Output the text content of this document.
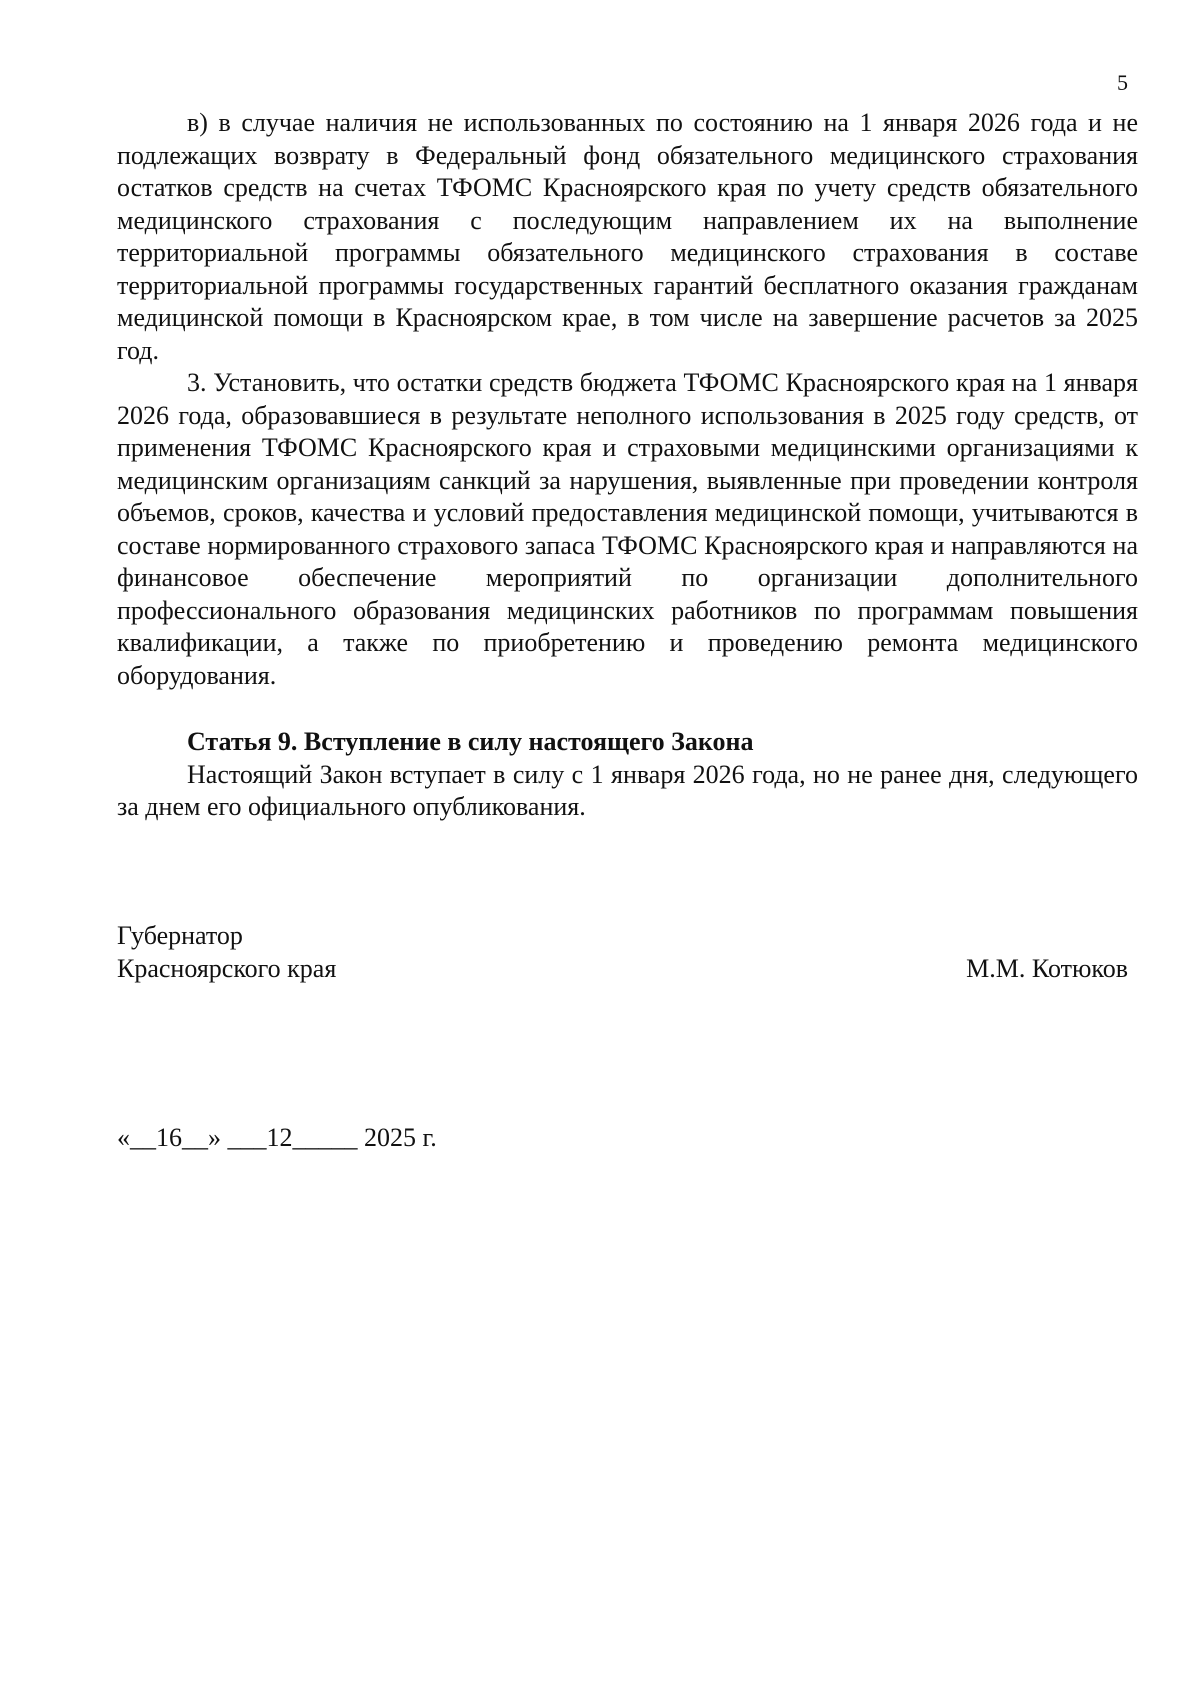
5

в) в случае наличия не использованных по состоянию на 1 января 2026 года и не подлежащих возврату в Федеральный фонд обязательного медицинского страхования остатков средств на счетах ТФОМС Красноярского края по учету средств обязательного медицинского страхования с последующим направлением их на выполнение территориальной программы обязательного медицинского страхования в составе территориальной программы государственных гарантий бесплатного оказания гражданам медицинской помощи в Красноярском крае, в том числе на завершение расчетов за 2025 год.

3. Установить, что остатки средств бюджета ТФОМС Красноярского края на 1 января 2026 года, образовавшиеся в результате неполного использования в 2025 году средств, от применения ТФОМС Красноярского края и страховыми медицинскими организациями к медицинским организациям санкций за нарушения, выявленные при проведении контроля объемов, сроков, качества и условий предоставления медицинской помощи, учитываются в составе нормированного страхового запаса ТФОМС Красноярского края и направляются на финансовое обеспечение мероприятий по организации дополнительного профессионального образования медицинских работников по программам повышения квалификации, а также по приобретению и проведению ремонта медицинского оборудования.

Статья 9. Вступление в силу настоящего Закона

Настоящий Закон вступает в силу с 1 января 2026 года, но не ранее дня, следующего за днем его официального опубликования.

Губернатор
Красноярского края	М.М. Котюков
«__16__» ___12_____ 2025 г.
